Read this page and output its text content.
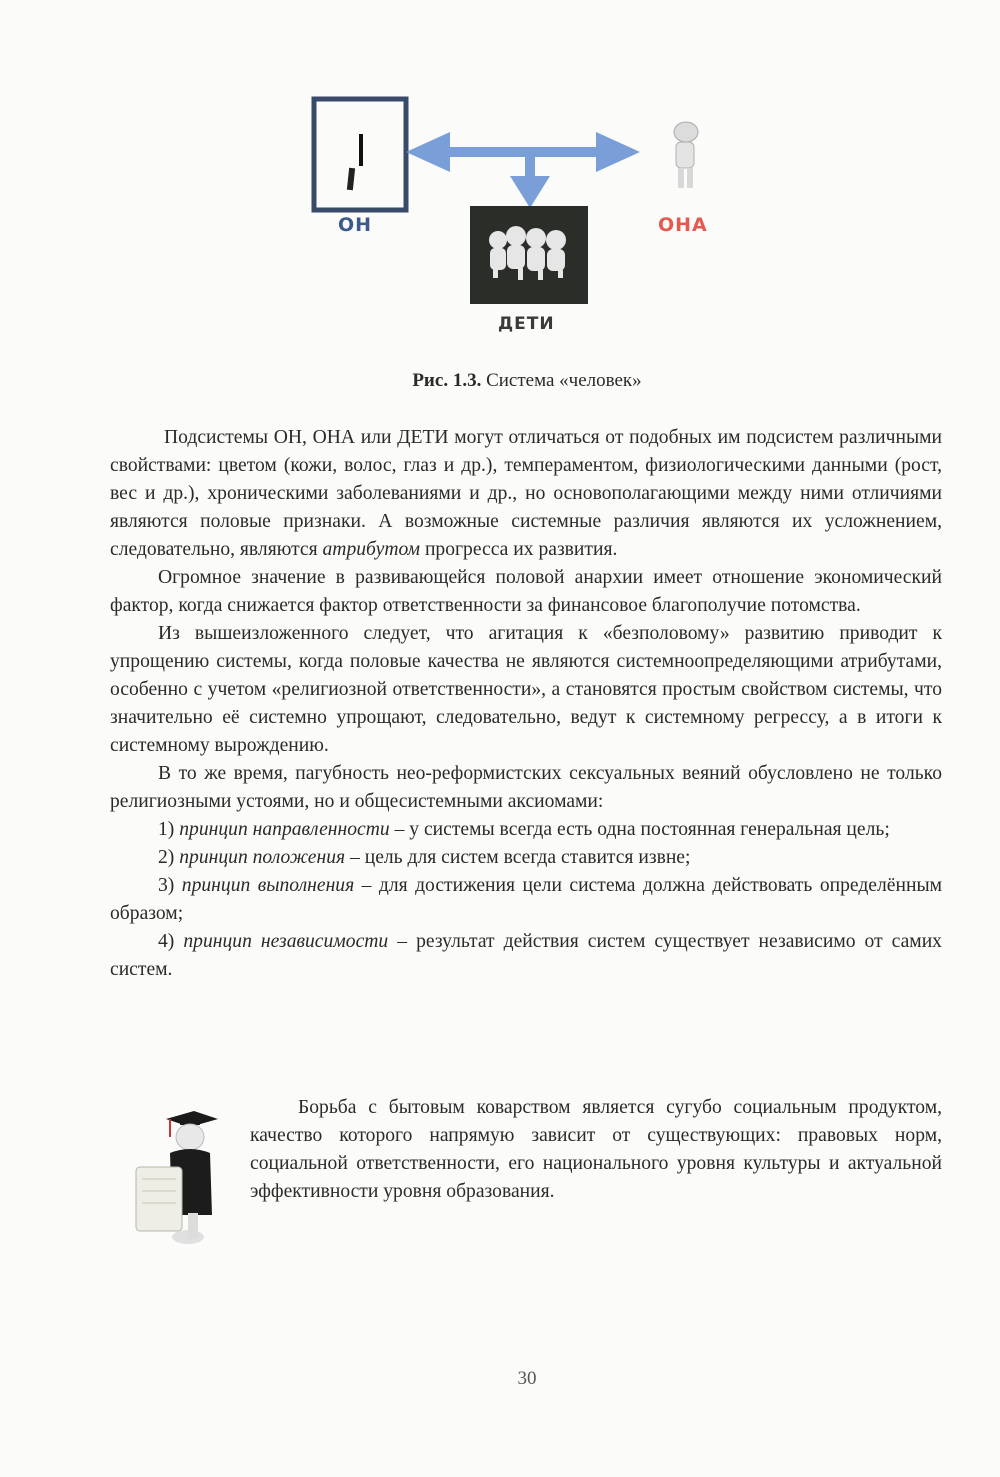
ОН	ОНА
ДЕТИ
Рис. 1.3. Система «человек»

Подсистемы ОН, ОНА или ДЕТИ могут отличаться от подобных им подсистем различными свойствами: цветом (кожи, волос, глаз и др.), темпераментом, физиологическими данными (рост, вес и др.), хроническими заболеваниями и др., но основополагающими между ними отличиями являются половые признаки. А возможные системные различия являются их усложнением, следовательно, являются атрибутом прогресса их развития.

Огромное значение в развивающейся половой анархии имеет отношение экономический фактор, когда снижается фактор ответственности за финансовое благополучие потомства.

Из вышеизложенного следует, что агитация к «безполовому» развитию приводит к упрощению системы, когда половые качества не являются системноопределяющими атрибутами, особенно с учетом «религиозной ответственности», а становятся простым свойством системы, что значительно её системно упрощают, следовательно, ведут к системному регрессу, а в итоги к системному вырождению.

В то же время, пагубность нео-реформистских сексуальных веяний обусловлено не только религиозными устоями, но и общесистемными аксиомами:

1) принцип направленности – у системы всегда есть одна постоянная генеральная цель;

2) принцип положения – цель для систем всегда ставится извне;

3) принцип выполнения – для достижения цели система должна действовать определённым образом;

4) принцип независимости – результат действия систем существует независимо от самих систем.

Борьба с бытовым коварством является сугубо социальным продуктом, качество которого напрямую зависит от существующих: правовых норм, социальной ответственности, его национального уровня культуры и актуальной эффективности уровня образования.

30
